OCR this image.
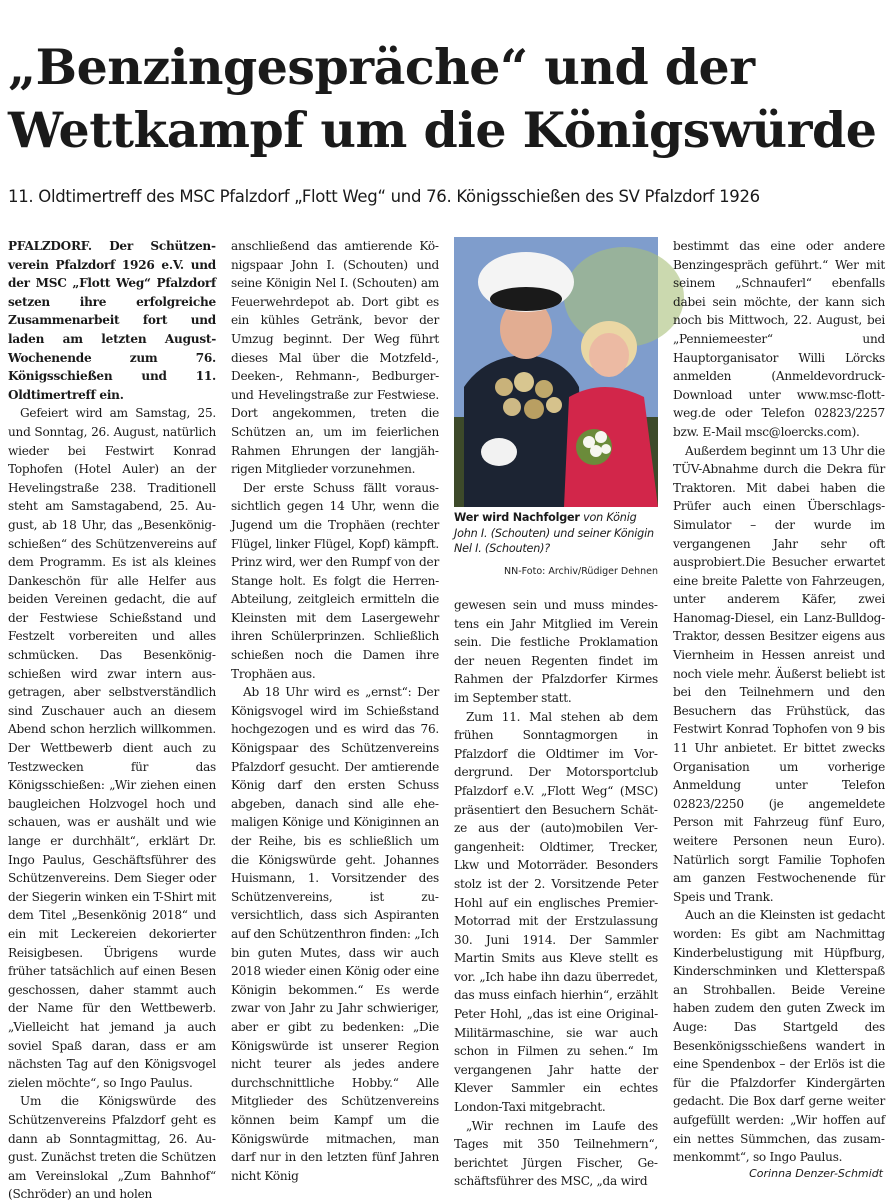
„Benzingespräche“ und der Wettkampf um die Königswürde
11. Oldtimertreff des MSC Pfalzdorf „Flott Weg“ und 76. Königsschießen des SV Pfalzdorf 1926

PFALZDORF. Der Schützenverein Pfalzdorf 1926 e.V. und der MSC „Flott Weg“ Pfalzdorf setzen ihre erfolgreiche Zusammenarbeit fort und laden am letzten August-Wochenende zum 76. Königsschießen und 11. Oldtimertreff ein.

Gefeiert wird am Samstag, 25. und Sonntag, 26. August, natürlich wieder bei Festwirt Konrad Tophofen (Hotel Auler) an der Hevelingstraße 238. Traditionell steht am Samstagabend, 25. August, ab 18 Uhr, das „Besenkönigschießen“ des Schützenvereins auf dem Programm. Es ist als kleines Dankeschön für alle Helfer aus beiden Vereinen gedacht, die auf der Festwiese Schießstand und Festzelt vorbereiten und alles schmücken. Das Besenkönigschießen wird zwar intern ausgetragen, aber selbstverständlich sind Zuschauer auch an diesem Abend schon herzlich willkommen. Der Wettbewerb dient auch zu Testzwecken für das Königsschießen: „Wir ziehen einen baugleichen Holzvogel hoch und schauen, was er aushält und wie lange er durchhält“, erklärt Dr. Ingo Paulus, Geschäftsführer des Schützenvereins. Dem Sieger oder der Siegerin winken ein T-Shirt mit dem Titel „Besenkönig 2018“ und ein mit Leckereien dekorierter Reisigbesen. Übrigens wurde früher tatsächlich auf einen Besen geschossen, daher stammt auch der Name für den Wettbewerb. „Vielleicht hat jemand ja auch soviel Spaß daran, dass er am nächsten Tag auf den Königsvogel zielen möchte“, so Ingo Paulus.

Um die Königswürde des Schützenvereins Pfalzdorf geht es dann ab Sonntagmittag, 26. August. Zunächst treten die Schützen am Vereinslokal „Zum Bahnhof“ (Schröder) an und holen

anschließend das amtierende Königspaar John I. (Schouten) und seine Königin Nel I. (Schouten) am Feuerwehrdepot ab. Dort gibt es ein kühles Getränk, bevor der Umzug beginnt. Der Weg führt dieses Mal über die Motzfeld-, Deeken-, Rehmann-, Bedburger- und Hevelingstraße zur Festwiese. Dort angekommen, treten die Schützen an, um im feierlichen Rahmen Ehrungen der langjährigen Mitglieder vorzunehmen.

Der erste Schuss fällt voraussichtlich gegen 14 Uhr, wenn die Jugend um die Trophäen (rechter Flügel, linker Flügel, Kopf) kämpft. Prinz wird, wer den Rumpf von der Stange holt. Es folgt die Herren-Abteilung, zeitgleich ermitteln die Kleinsten mit dem Lasergewehr ihren Schülerprinzen. Schließlich schießen noch die Damen ihre Trophäen aus.

Ab 18 Uhr wird es „ernst“: Der Königsvogel wird im Schießstand hochgezogen und es wird das 76. Königspaar des Schützenvereins Pfalzdorf gesucht. Der amtierende König darf den ersten Schuss abgeben, danach sind alle ehemaligen Könige und Königinnen an der Reihe, bis es schließlich um die Königswürde geht. Johannes Huismann, 1. Vorsitzender des Schützenvereins, ist zuversichtlich, dass sich Aspiranten auf den Schützenthron finden: „Ich bin guten Mutes, dass wir auch 2018 wieder einen König oder eine Königin bekommen.“ Es werde zwar von Jahr zu Jahr schwieriger, aber er gibt zu bedenken: „Die Königswürde ist unserer Region nicht teurer als jedes andere durchschnittliche Hobby.“ Alle Mitglieder des Schützenvereins können beim Kampf um die Königswürde mitmachen, man darf nur in den letzten fünf Jahren nicht König

Wer wird Nachfolger von König John I. (Schouten) und seiner Königin Nel I. (Schouten)?
NN-Foto: Archiv/Rüdiger Dehnen

gewesen sein und muss mindestens ein Jahr Mitglied im Verein sein. Die festliche Proklamation der neuen Regenten findet im Rahmen der Pfalzdorfer Kirmes im September statt.

Zum 11. Mal stehen ab dem frühen Sonntagmorgen in Pfalzdorf die Oldtimer im Vordergrund. Der Motorsportclub Pfalzdorf e.V. „Flott Weg“ (MSC) präsentiert den Besuchern Schätze aus der (auto)mobilen Vergangenheit: Oldtimer, Trecker, Lkw und Motorräder. Besonders stolz ist der 2. Vorsitzende Peter Hohl auf ein englisches Premier-Motorrad mit der Erstzulassung 30. Juni 1914. Der Sammler Martin Smits aus Kleve stellt es vor. „Ich habe ihn dazu überredet, das muss einfach hierhin“, erzählt Peter Hohl, „das ist eine Original-Militärmaschine, sie war auch schon in Filmen zu sehen.“ Im vergangenen Jahr hatte der Klever Sammler ein echtes London-Taxi mitgebracht.

„Wir rechnen im Laufe des Tages mit 350 Teilnehmern“, berichtet Jürgen Fischer, Geschäftsführer des MSC, „da wird

bestimmt das eine oder andere Benzingespräch geführt.“ Wer mit seinem „Schnauferl“ ebenfalls dabei sein möchte, der kann sich noch bis Mittwoch, 22. August, bei „Penniemeester“ und Hauptorganisator Willi Lörcks anmelden (Anmeldevordruck-Download unter www.msc-flottweg.de oder Telefon 02823/2257 bzw. E-Mail msc@loercks.com).

Außerdem beginnt um 13 Uhr die TÜV-Abnahme durch die Dekra für Traktoren. Mit dabei haben die Prüfer auch einen Überschlags-Simulator – der wurde im vergangenen Jahr sehr oft ausprobiert.Die Besucher erwartet eine breite Palette von Fahrzeugen, unter anderem Käfer, zwei Hanomag-Diesel, ein Lanz-Bulldog-Traktor, dessen Besitzer eigens aus Viernheim in Hessen anreist und noch viele mehr. Äußerst beliebt ist bei den Teilnehmern und den Besuchern das Frühstück, das Festwirt Konrad Tophofen von 9 bis 11 Uhr anbietet. Er bittet zwecks Organisation um vorherige Anmeldung unter Telefon 02823/2250 (je angemeldete Person mit Fahrzeug fünf Euro, weitere Personen neun Euro). Natürlich sorgt Familie Tophofen am ganzen Festwochenende für Speis und Trank.

Auch an die Kleinsten ist gedacht worden: Es gibt am Nachmittag Kinderbelustigung mit Hüpfburg, Kinderschminken und Kletterspaß an Strohballen. Beide Vereine haben zudem den guten Zweck im Auge: Das Startgeld des Besenkönigsschießens wandert in eine Spendenbox – der Erlös ist die für die Pfalzdorfer Kindergärten gedacht. Die Box darf gerne weiter aufgefüllt werden: „Wir hoffen auf ein nettes Sümmchen, das zusammenkommt“, so Ingo Paulus.

Corinna Denzer-Schmidt
